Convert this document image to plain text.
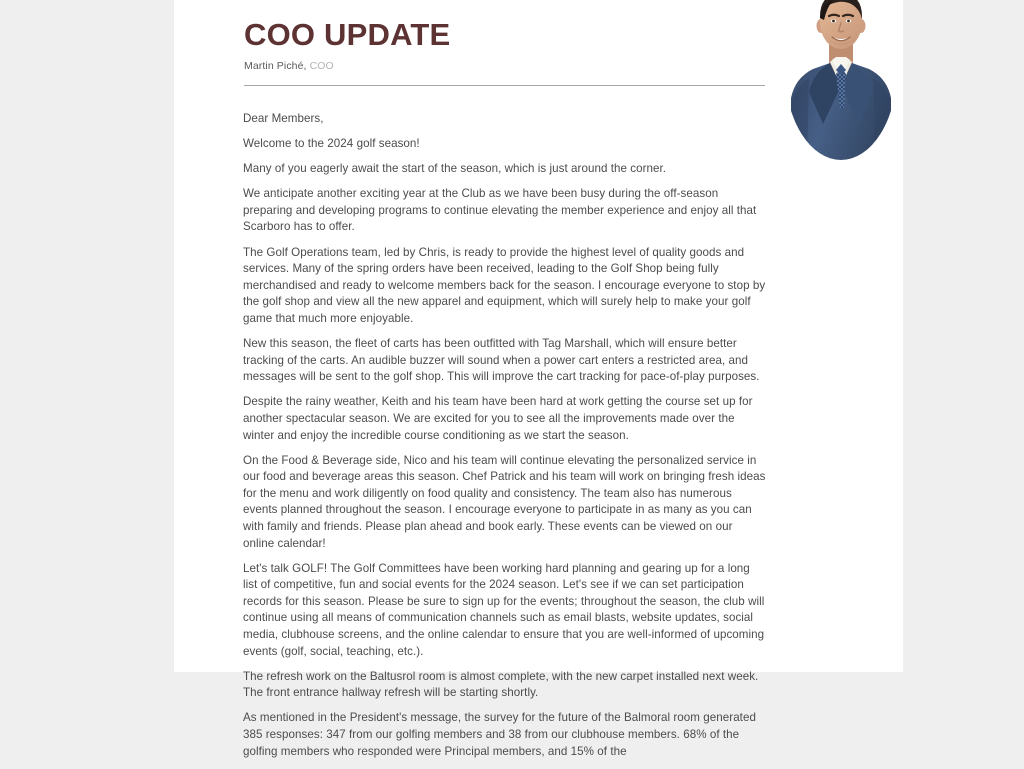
COO UPDATE

Martin Piché, COO

Dear Members,

Welcome to the 2024 golf season!

Many of you eagerly await the start of the season, which is just around the corner.

We anticipate another exciting year at the Club as we have been busy during the off-season preparing and developing programs to continue elevating the member experience and enjoy all that Scarboro has to offer.

The Golf Operations team, led by Chris, is ready to provide the highest level of quality goods and services. Many of the spring orders have been received, leading to the Golf Shop being fully merchandised and ready to welcome members back for the season. I encourage everyone to stop by the golf shop and view all the new apparel and equipment, which will surely help to make your golf game that much more enjoyable.

New this season, the fleet of carts has been outfitted with Tag Marshall, which will ensure better tracking of the carts. An audible buzzer will sound when a power cart enters a restricted area, and messages will be sent to the golf shop. This will improve the cart tracking for pace-of-play purposes.

Despite the rainy weather, Keith and his team have been hard at work getting the course set up for another spectacular season. We are excited for you to see all the improvements made over the winter and enjoy the incredible course conditioning as we start the season.

On the Food & Beverage side, Nico and his team will continue elevating the personalized service in our food and beverage areas this season. Chef Patrick and his team will work on bringing fresh ideas for the menu and work diligently on food quality and consistency. The team also has numerous events planned throughout the season. I encourage everyone to participate in as many as you can with family and friends. Please plan ahead and book early. These events can be viewed on our online calendar!

Let's talk GOLF! The Golf Committees have been working hard planning and gearing up for a long list of competitive, fun and social events for the 2024 season. Let's see if we can set participation records for this season. Please be sure to sign up for the events; throughout the season, the club will continue using all means of communication channels such as email blasts, website updates, social media, clubhouse screens, and the online calendar to ensure that you are well-informed of upcoming events (golf, social, teaching, etc.).

The refresh work on the Baltusrol room is almost complete, with the new carpet installed next week. The front entrance hallway refresh will be starting shortly.

As mentioned in the President's message, the survey for the future of the Balmoral room generated 385 responses: 347 from our golfing members and 38 from our clubhouse members. 68% of the golfing members who responded were Principal members, and 15% of the
